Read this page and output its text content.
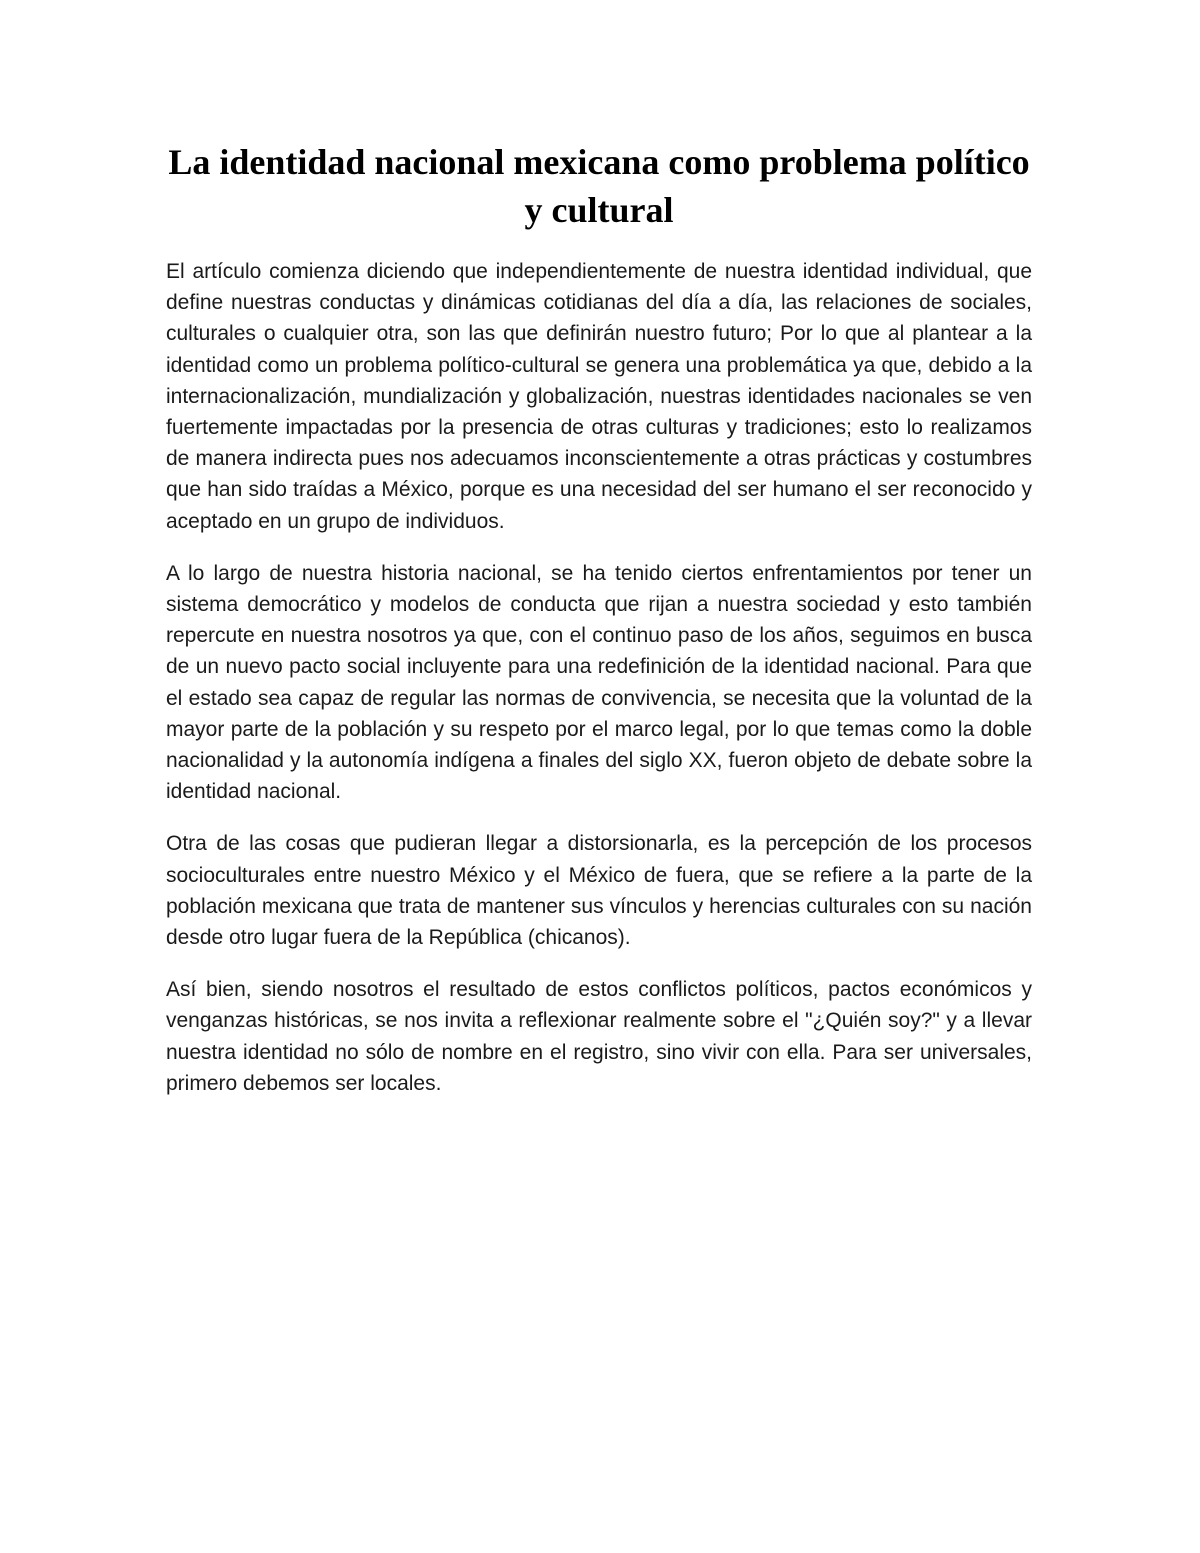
La identidad nacional mexicana como problema político y cultural

El artículo comienza diciendo que independientemente de nuestra identidad individual, que define nuestras conductas y dinámicas cotidianas del día a día, las relaciones de sociales, culturales o cualquier otra, son las que definirán nuestro futuro; Por lo que al plantear a la identidad como un problema político-cultural se genera una problemática ya que, debido a la internacionalización, mundialización y globalización, nuestras identidades nacionales se ven fuertemente impactadas por la presencia de otras culturas y tradiciones; esto lo realizamos de manera indirecta pues nos adecuamos inconscientemente a otras prácticas y costumbres que han sido traídas a México, porque es una necesidad del ser humano el ser reconocido y aceptado en un grupo de individuos.

A lo largo de nuestra historia nacional, se ha tenido ciertos enfrentamientos por tener un sistema democrático y modelos de conducta que rijan a nuestra sociedad y esto también repercute en nuestra nosotros ya que, con el continuo paso de los años, seguimos en busca de un nuevo pacto social incluyente para una redefinición de la identidad nacional. Para que el estado sea capaz de regular las normas de convivencia, se necesita que la voluntad de la mayor parte de la población y su respeto por el marco legal, por lo que temas como la doble nacionalidad y la autonomía indígena a finales del siglo XX, fueron objeto de debate sobre la identidad nacional.

Otra de las cosas que pudieran llegar a distorsionarla, es la percepción de los procesos socioculturales entre nuestro México y el México de fuera, que se refiere a la parte de la población mexicana que trata de mantener sus vínculos y herencias culturales con su nación desde otro lugar fuera de la República (chicanos).

Así bien, siendo nosotros el resultado de estos conflictos políticos, pactos económicos y venganzas históricas, se nos invita a reflexionar realmente sobre el "¿Quién soy?" y a llevar nuestra identidad no sólo de nombre en el registro, sino vivir con ella. Para ser universales, primero debemos ser locales.
